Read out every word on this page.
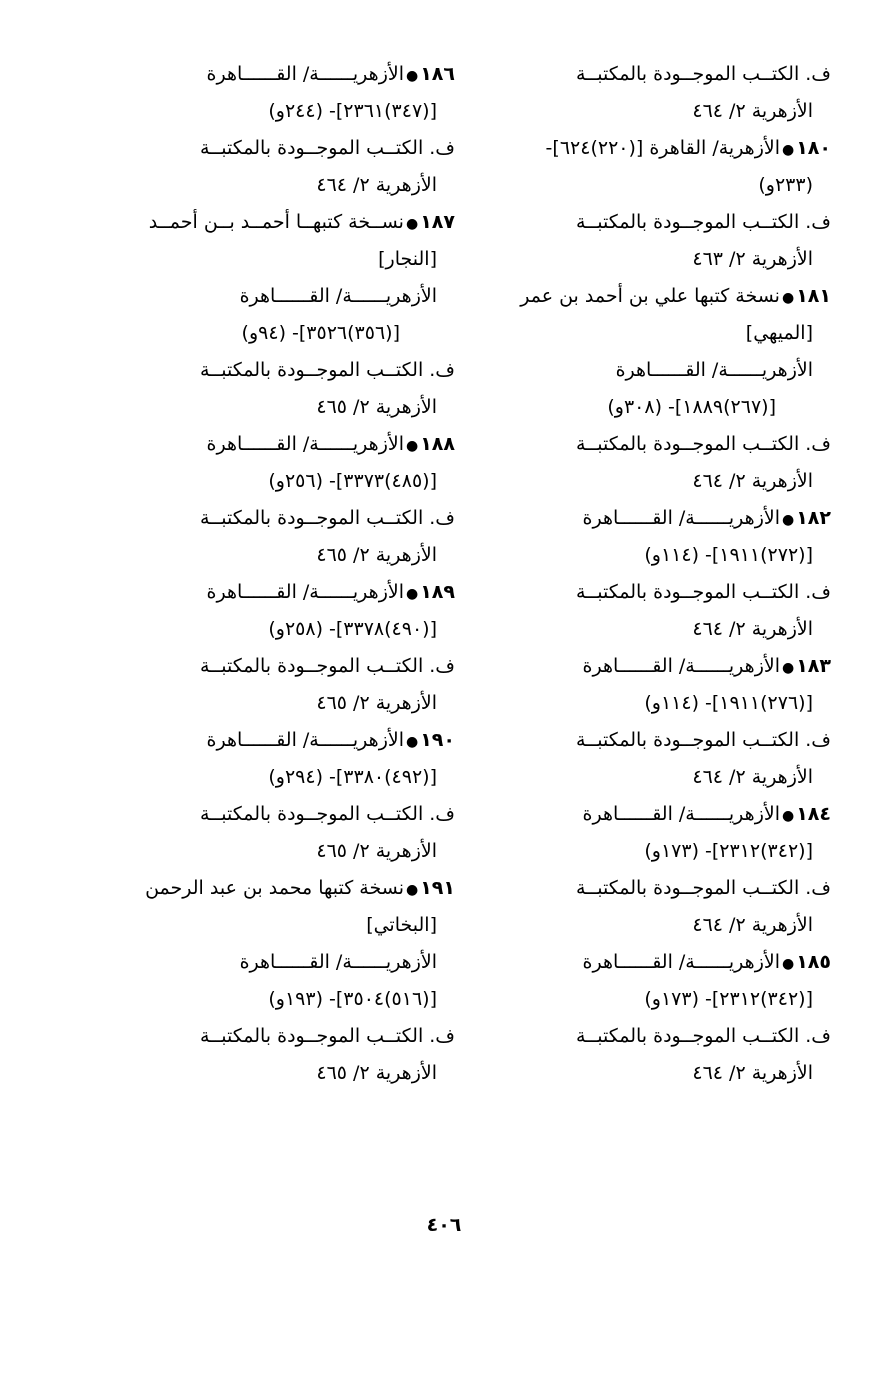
ف. الكتــب الموجــودة بالمكتبــة
الأزهرية ٢/ ٤٦٤
١٨٠●الأزهرية/ القاهرة [(٢٢٠)٦٢٤]-
(٢٣٣و)
ف. الكتــب الموجــودة بالمكتبــة
الأزهرية ٢/ ٤٦٣
١٨١●نسخة كتبها علي بن أحمد بن عمر
[الميهي]
الأزهريــــــة/ القــــــاهرة
[(٢٦٧)١٨٨٩]- (٣٠٨و)
ف. الكتــب الموجــودة بالمكتبــة
الأزهرية ٢/ ٤٦٤
١٨٢●الأزهريــــــة/ القــــــاهرة
[(٢٧٢)١٩١١]- (١١٤و)
ف. الكتــب الموجــودة بالمكتبــة
الأزهرية ٢/ ٤٦٤
١٨٣●الأزهريــــــة/ القــــــاهرة
[(٢٧٦)١٩١١]- (١١٤و)
ف. الكتــب الموجــودة بالمكتبــة
الأزهرية ٢/ ٤٦٤
١٨٤●الأزهريــــــة/ القــــــاهرة
[(٣٤٢)٢٣١٢]- (١٧٣و)
ف. الكتــب الموجــودة بالمكتبــة
الأزهرية ٢/ ٤٦٤
١٨٥●الأزهريــــــة/ القــــــاهرة
[(٣٤٢)٢٣١٢]- (١٧٣و)
ف. الكتــب الموجــودة بالمكتبــة
الأزهرية ٢/ ٤٦٤
١٨٦●الأزهريــــــة/ القــــــاهرة
[(٣٤٧)٢٣٦١]- (٢٤٤و)
ف. الكتــب الموجــودة بالمكتبــة
الأزهرية ٢/ ٤٦٤
١٨٧●نســخة كتبهــا أحمــد بــن أحمــد
[النجار]
الأزهريــــــة/ القــــــاهرة
[(٣٥٦)٣٥٢٦]- (٩٤و)
ف. الكتــب الموجــودة بالمكتبــة
الأزهرية ٢/ ٤٦٥
١٨٨●الأزهريــــــة/ القــــــاهرة
[(٤٨٥)٣٣٧٣]- (٢٥٦و)
ف. الكتــب الموجــودة بالمكتبــة
الأزهرية ٢/ ٤٦٥
١٨٩●الأزهريــــــة/ القــــــاهرة
[(٤٩٠)٣٣٧٨]- (٢٥٨و)
ف. الكتــب الموجــودة بالمكتبــة
الأزهرية ٢/ ٤٦٥
١٩٠●الأزهريــــــة/ القــــــاهرة
[(٤٩٢)٣٣٨٠]- (٢٩٤و)
ف. الكتــب الموجــودة بالمكتبــة
الأزهرية ٢/ ٤٦٥
١٩١●نسخة كتبها محمد بن عبد الرحمن
[البخاتي]
الأزهريــــــة/ القــــــاهرة
[(٥١٦)٣٥٠٤]- (١٩٣و)
ف. الكتــب الموجــودة بالمكتبــة
الأزهرية ٢/ ٤٦٥
٤٠٦
